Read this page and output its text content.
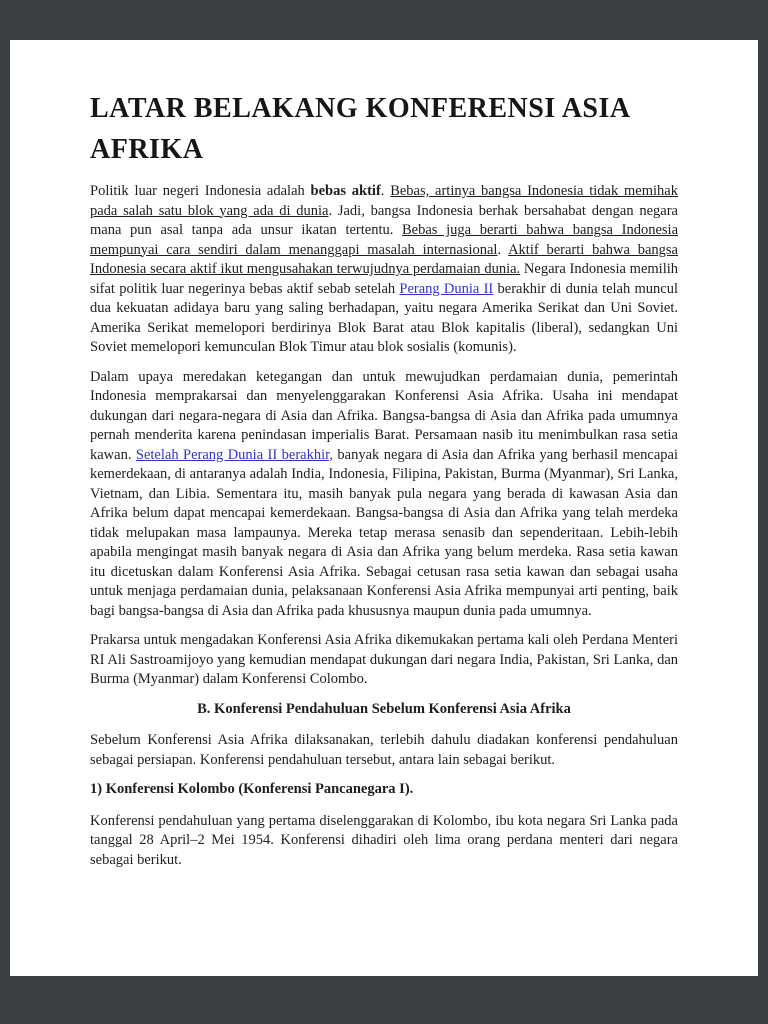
LATAR BELAKANG KONFERENSI ASIA AFRIKA

Politik luar negeri Indonesia adalah bebas aktif. Bebas, artinya bangsa Indonesia tidak memihak pada salah satu blok yang ada di dunia. Jadi, bangsa Indonesia berhak bersahabat dengan negara mana pun asal tanpa ada unsur ikatan tertentu. Bebas juga berarti bahwa bangsa Indonesia mempunyai cara sendiri dalam menanggapi masalah internasional. Aktif berarti bahwa bangsa Indonesia secara aktif ikut mengusahakan terwujudnya perdamaian dunia. Negara Indonesia memilih sifat politik luar negerinya bebas aktif sebab setelah Perang Dunia II berakhir di dunia telah muncul dua kekuatan adidaya baru yang saling berhadapan, yaitu negara Amerika Serikat dan Uni Soviet. Amerika Serikat memelopori berdirinya Blok Barat atau Blok kapitalis (liberal), sedangkan Uni Soviet memelopori kemunculan Blok Timur atau blok sosialis (komunis).

Dalam upaya meredakan ketegangan dan untuk mewujudkan perdamaian dunia, pemerintah Indonesia memprakarsai dan menyelenggarakan Konferensi Asia Afrika. Usaha ini mendapat dukungan dari negara-negara di Asia dan Afrika. Bangsa-bangsa di Asia dan Afrika pada umumnya pernah menderita karena penindasan imperialis Barat. Persamaan nasib itu menimbulkan rasa setia kawan. Setelah Perang Dunia II berakhir, banyak negara di Asia dan Afrika yang berhasil mencapai kemerdekaan, di antaranya adalah India, Indonesia, Filipina, Pakistan, Burma (Myanmar), Sri Lanka, Vietnam, dan Libia. Sementara itu, masih banyak pula negara yang berada di kawasan Asia dan Afrika belum dapat mencapai kemerdekaan. Bangsa-bangsa di Asia dan Afrika yang telah merdeka tidak melupakan masa lampaunya. Mereka tetap merasa senasib dan sependeritaan. Lebih-lebih apabila mengingat masih banyak negara di Asia dan Afrika yang belum merdeka. Rasa setia kawan itu dicetuskan dalam Konferensi Asia Afrika. Sebagai cetusan rasa setia kawan dan sebagai usaha untuk menjaga perdamaian dunia, pelaksanaan Konferensi Asia Afrika mempunyai arti penting, baik bagi bangsa-bangsa di Asia dan Afrika pada khususnya maupun dunia pada umumnya.

Prakarsa untuk mengadakan Konferensi Asia Afrika dikemukakan pertama kali oleh Perdana Menteri RI Ali Sastroamijoyo yang kemudian mendapat dukungan dari negara India, Pakistan, Sri Lanka, dan Burma (Myanmar) dalam Konferensi Colombo.

B. Konferensi Pendahuluan Sebelum Konferensi Asia Afrika

Sebelum Konferensi Asia Afrika dilaksanakan, terlebih dahulu diadakan konferensi pendahuluan sebagai persiapan. Konferensi pendahuluan tersebut, antara lain sebagai berikut.

1) Konferensi Kolombo (Konferensi Pancanegara I).

Konferensi pendahuluan yang pertama diselenggarakan di Kolombo, ibu kota negara Sri Lanka pada tanggal 28 April–2 Mei 1954. Konferensi dihadiri oleh lima orang perdana menteri dari negara sebagai berikut.
